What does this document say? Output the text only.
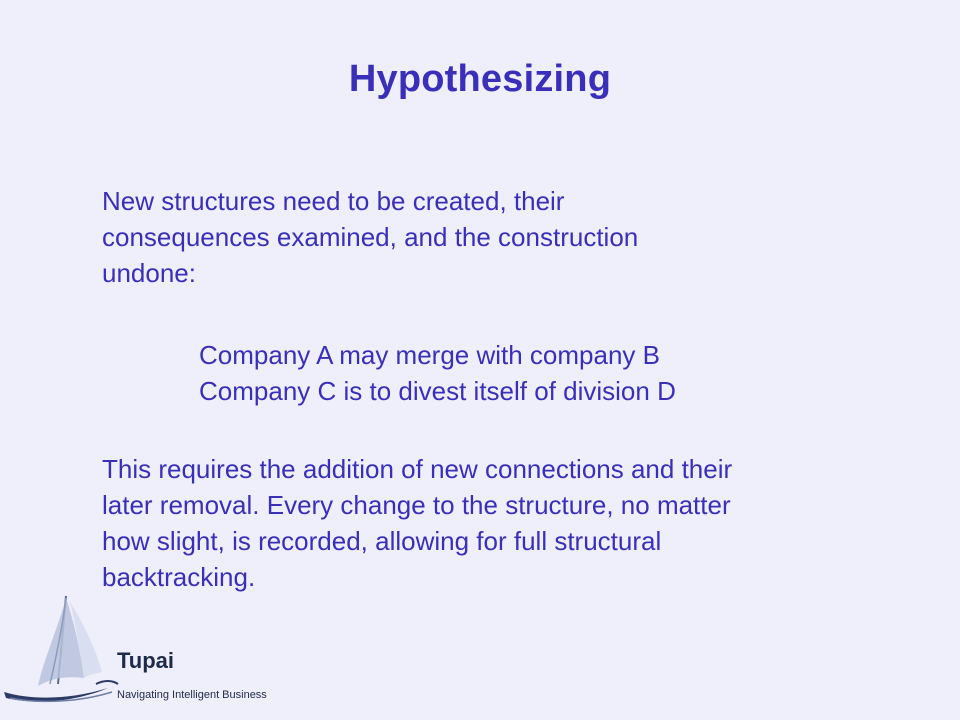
Hypothesizing
New structures need to be created, their
consequences examined, and the construction
undone:
Company A may merge with company B
Company C is to divest itself of division D
This requires the addition of new connections and their
later removal. Every change to the structure, no matter
how slight, is recorded, allowing for full structural
backtracking.
Tupai
Navigating Intelligent Business
